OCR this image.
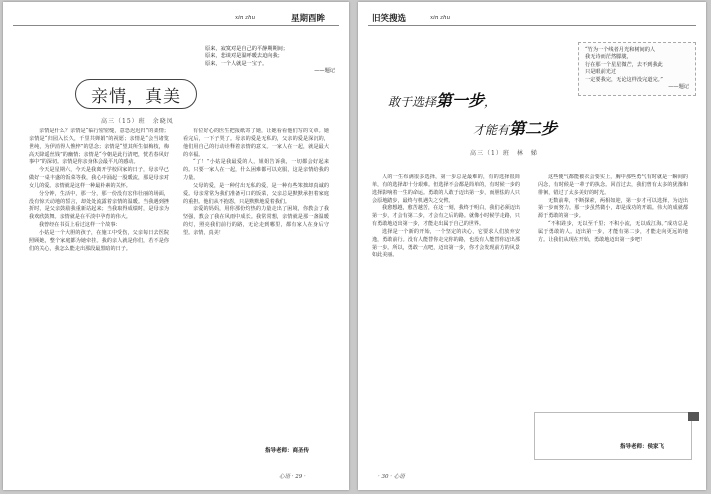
xin zhu	星期酉眸
原来，寂寞对是自己的平静期期间；
原来，悲谈对是温呼暖去迫向我；
原来，一个人就是一宝子。
——题记
亲情，真美
高三（15）班　余晓凤

亲情是什么？亲情是“临行密密缝，意恐迟迟归”的柔情；亲情是“归园入长久，千里共婵娟”的祝愿；亲情是“会当诸览世纯，为伊消得人憔悴”的思念；亲情是“望其所生似梅枝，梅高天降遥丝钱”的幽情；亲情是“今朝是此行清吧，恍若春风好事中”的深切。亲情是你亲身体会最平凡的感动。

今天是星期六，今天是我离开学校回家的日子，母亲早已做好一桌丰盛的饭菜等我，我心中涌起一股暖流，那是母亲对女儿的爱。亲情就是这样一种最朴素的关怀。

分分钟，生活中，那一分，那一份没有宏伟壮丽的场面，没有惊天动地的誓言，却处处流露着亲情的温暖。当我遇到挫折时，是父亲鼓励我重新站起来；当我取得成绩时，是母亲为我欢欣鼓舞。亲情就是在平淡中孕育的伟大。

我曾经在书页上看过这样一个故事：

小姑是一个大胆的孩子，在施工中受伤，父亲每日去医院照顾她，整个家庭都为她牵挂。我的亲人就是你们，若不是你们的关心，我怎么能走出那段最黑暗的日子。

有位好心的医生把报纸寄了她，让她看看他们写的文章。她看完后，一下子哭了。母亲的爱是无私的，父亲的爱是深沉的，他们用自己的行动诠释着亲情的意义。一家人在一起，就是最大的幸福。

“了！”小姑是我最爱的人，姐姐告诉我，一切都会好起来的。只要一家人在一起，什么困难都可以克服，这是亲情给我的力量。

父母的爱，是一种付出无私的爱，是一种有些笨拙却真诚的爱。母亲常常为我们准备可口的饭菜，父亲总是默默承担着家庭的重担。他们从不抱怨，只是默默地爱着我们。

亲爱的妈妈，用你那份灼热的力量走出了困境，你教会了我坚强，教会了我在风雨中成长。我常常想，亲情就是那一盏温暖的灯，照亮我们前行的路，无论走到哪里，都有家人在身后守望。亲情，真美！

指导老师：商圣传
心语 · 29 ·
旧笑搜选	xin zhu
“竹为一个线者月光和树间的人
我无诗而茫然朦胧，
行在那一个星星微芒，去不到我此
只是眼前光过
一定要我完，无论这样没完道完。”
——题记
敢于选择第一步，
才能有第二步
高三（1）班　林　娣

人的一生布满很多选择，第一步总是最难的，有的选择很简单，有的选择却十分艰难。但选择不会都是简单的，有时候一步的选择影响着一生的命运。勇敢的人敢于迈出第一步，而胆怯的人只会原地踏步，最终与机遇失之交臂。

我愈想越，愈苦越苦，在这一刻，我终于明白，我们必须迈出第一步，才会有第二步，才会有之后的路。就像小时候学走路，只有勇敢地迈出第一步，才能走出属于自己的世界。

选择是一个新的开始，一个坚定的决心，它要求人们放弃安逸，勇敢前行。没有人能替你走完你的路，也没有人能替你迈出那第一步。所以，勇敢一点吧，迈出第一步，你才会发现前方的风景如此美丽。

这些便气都能被衣会要实上，胸中那些勇气有时就是一瞬间的闪念，有时候是一辈子的执念。回首过去，我们曾有太多的犹豫和徘徊，错过了太多美好的时光。

无数前辈，不断探索，两相如迎，第一步才可以选择，为迈出第一步而努力。那一步虽然微小，却是成功的开端。伟大的成就都源于勇敢的第一步。

“不积跬步，无以至千里；不积小流，无以成江海。”成功总是属于勇敢的人。迈出第一步，才能有第二步，才能走向更远的地方。让我们从现在开始，勇敢地迈出第一步吧！

指导老师：侯家飞
· 30 · 心语
